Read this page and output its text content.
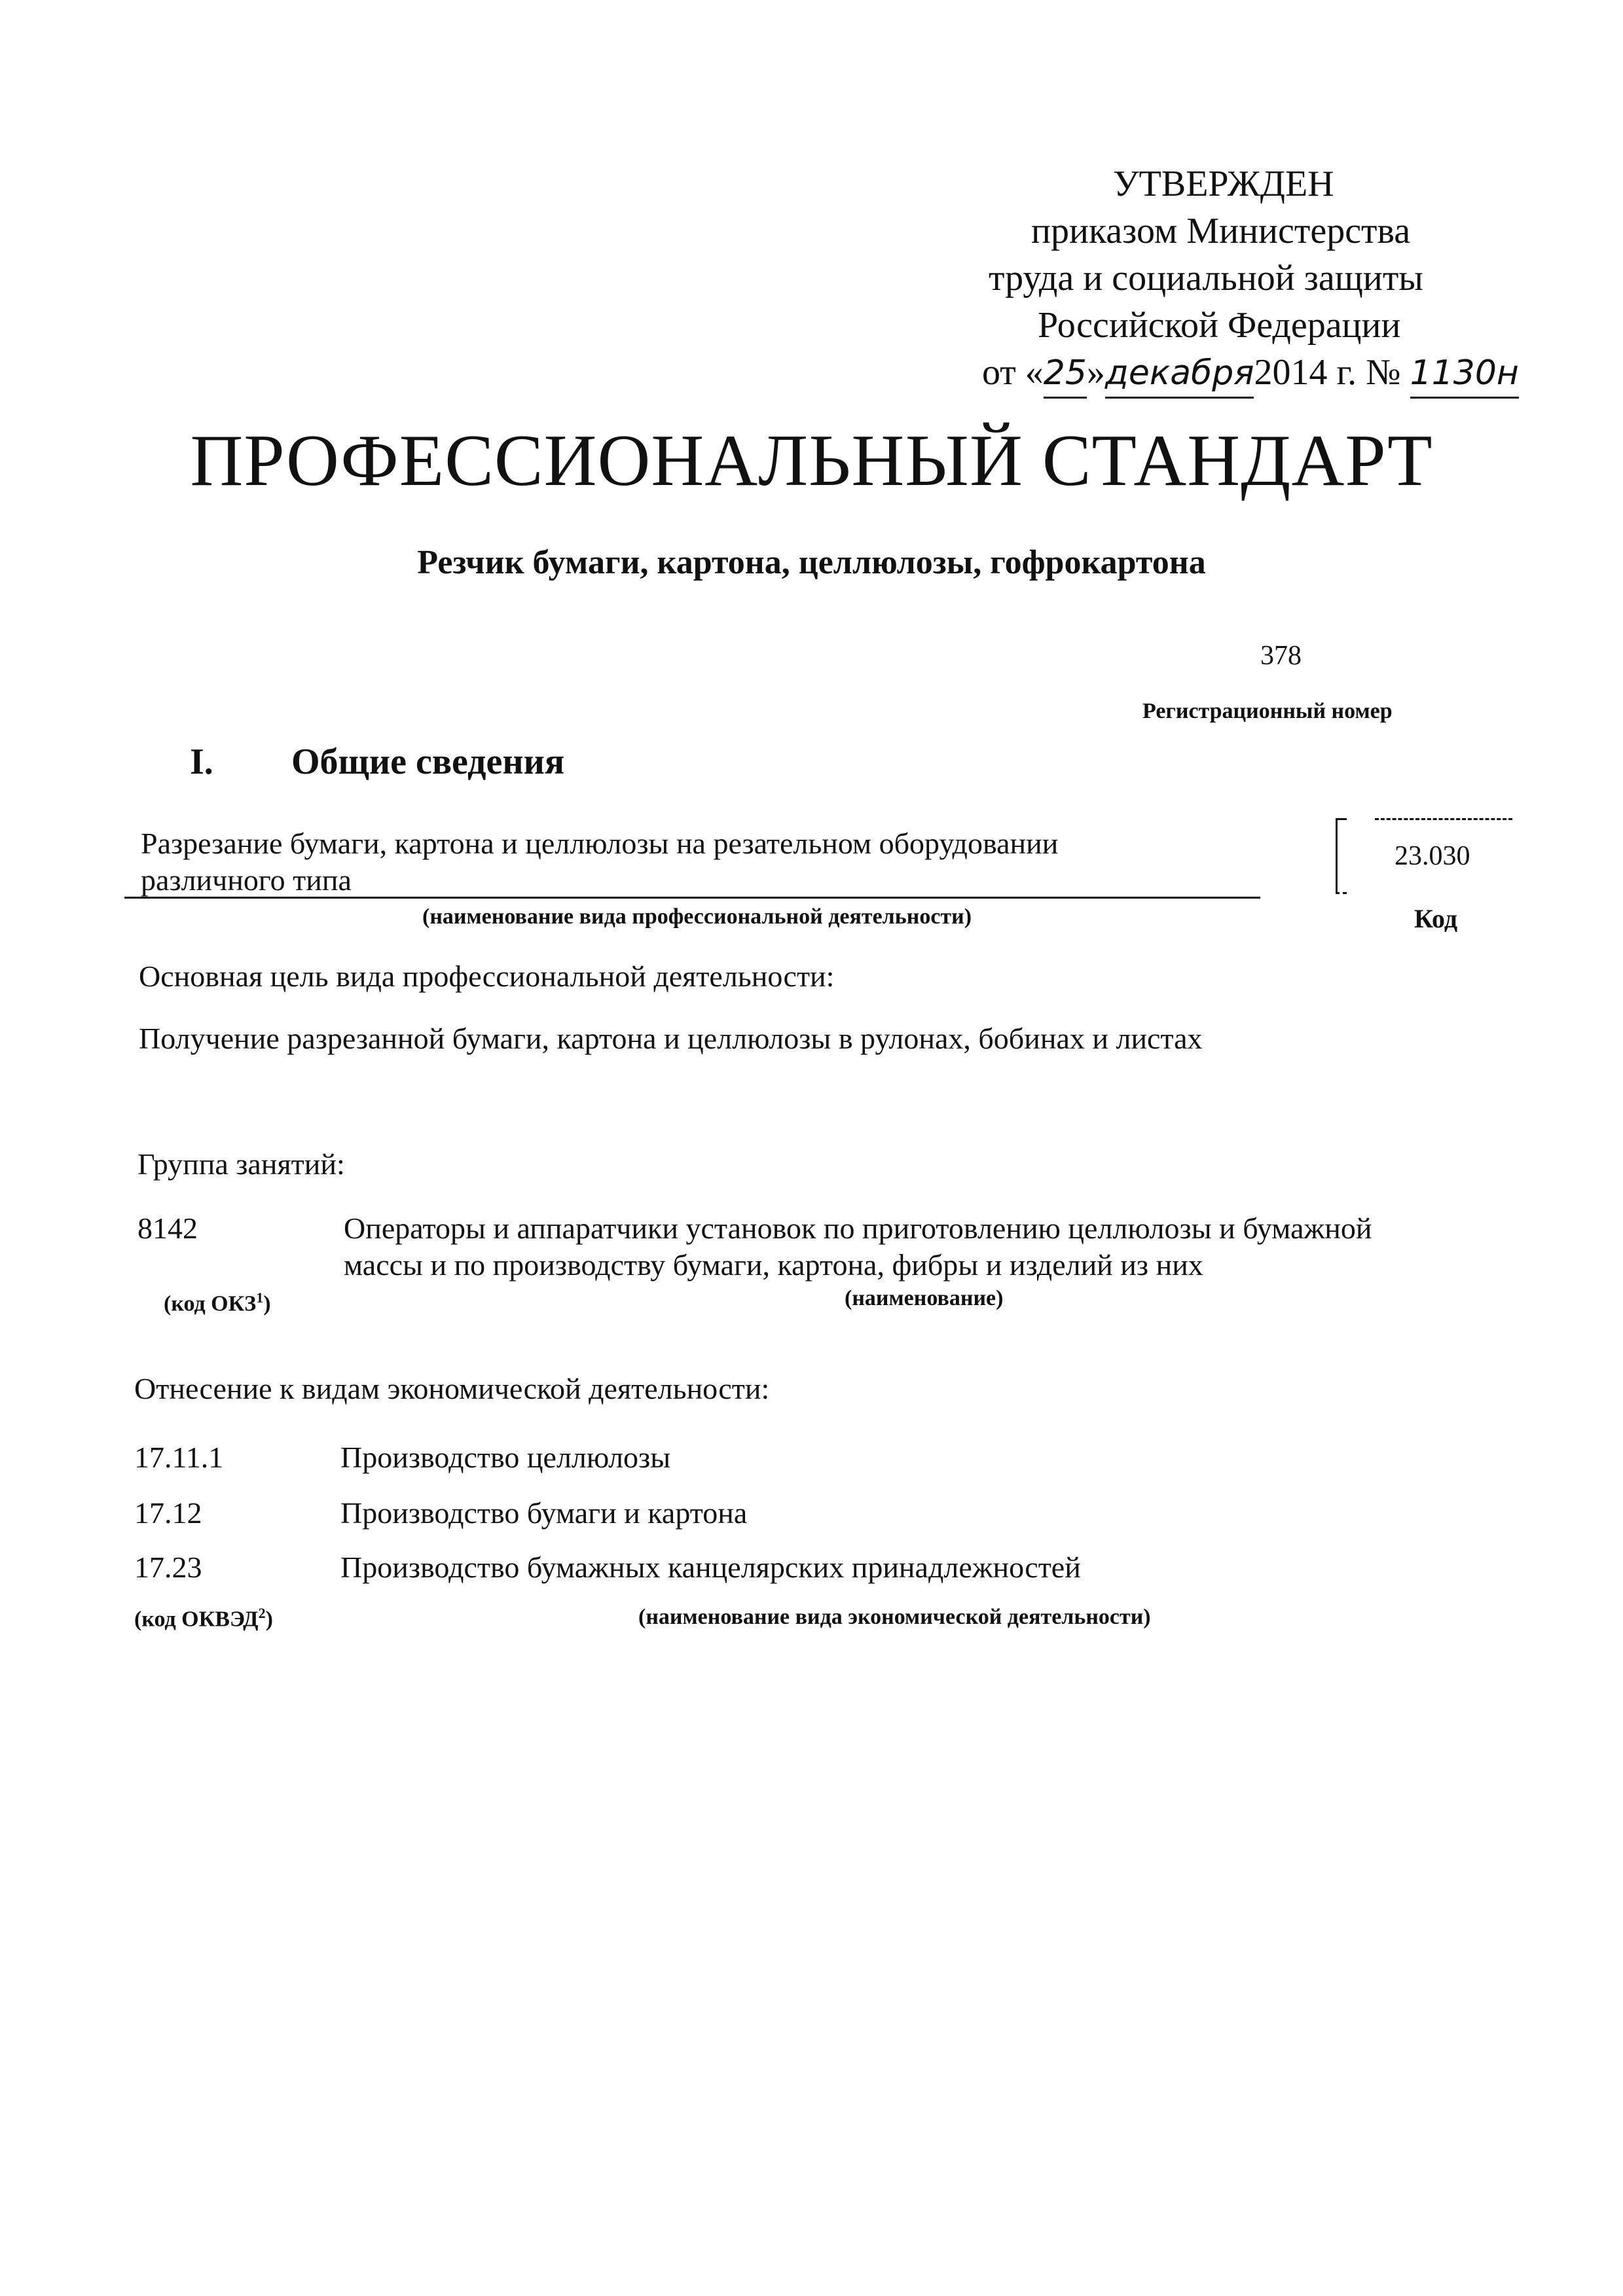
УТВЕРЖДЕН
приказом Министерства
труда и социальной защиты
Российской Федерации
от «25»декабря2014 г. № 1130н
ПРОФЕССИОНАЛЬНЫЙ СТАНДАРТ
Резчик бумаги, картона, целлюлозы, гофрокартона
378
Регистрационный номер
I. Общие сведения
Разрезание бумаги, картона и целлюлозы на резательном оборудовании
различного типа
(наименование вида профессиональной деятельности)
23.030
Код
Основная цель вида профессиональной деятельности:
Получение разрезанной бумаги, картона и целлюлозы в рулонах, бобинах и листах
Группа занятий:
8142	Операторы и аппаратчики установок по приготовлению целлюлозы и бумажной
массы и по производству бумаги, картона, фибры и изделий из них
(код ОКЗ$^1$)	(наименование)
Отнесение к видам экономической деятельности:
17.11.1	Производство целлюлозы
17.12	Производство бумаги и картона
17.23	Производство бумажных канцелярских принадлежностей
(код ОКВЭД$^2$)	(наименование вида экономической деятельности)
